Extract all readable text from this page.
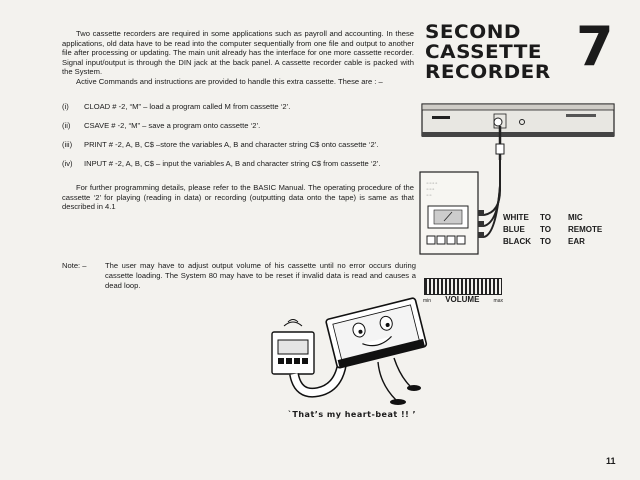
Two cassette recorders are required in some applications such as payroll and accounting. In these applications, old data have to be read into the computer sequentially from one file and output to another file after processing or updating. The main unit already has the interface for one more cassette recorder. Signal input/output is through the DIN jack at the back panel. A cassette recorder cable is packed with the System.

Active Commands and instructions are provided to handle this extra cassette. These are : –

(i) CLOAD # -2, “M” – load a program called M from cassette ‘2’.
(ii) CSAVE # -2, “M” – save a program onto cassette ‘2’.
(iii) PRINT # -2, A, B, C$ –store the variables A, B and character string C$ onto cassette ‘2’.
(iv) INPUT # -2, A, B, C$ – input the variables A, B and character string C$ from cassette ‘2’.

For further programming details, please refer to the BASIC Manual. The operating procedure of the cassette ‘2’ for playing (reading in data) or recording (outputting data onto the tape) is same as that described in 4.1

Note: – The user may have to adjust output volume of his cassette until no error occurs during cassette loading. The System 80 may have to be reset if invalid data is read and causes a dead loop.
SECOND
CASSETTE
RECORDER 7
◦◦◦◦
◦◦◦
◦◦
WHITE	TO	MIC
BLUE	TO	REMOTE
BLACK	TO	EAR
min VOLUME	max
`That’s my heart-beat !! ’
11
